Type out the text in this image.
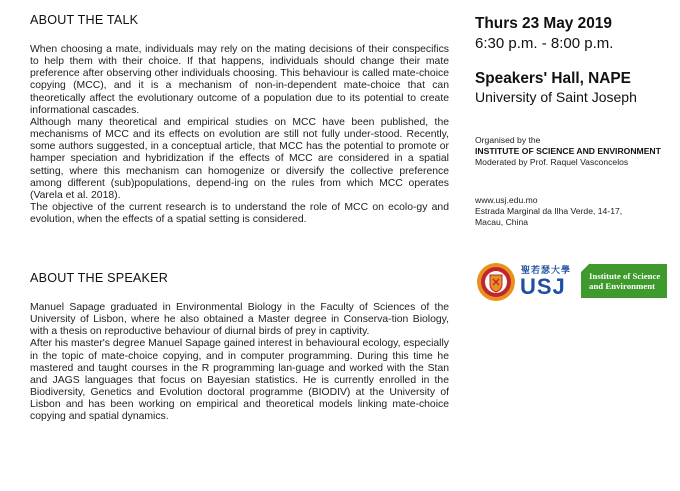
ABOUT THE TALK

When choosing a mate, individuals may rely on the mating decisions of their conspecifics to help them with their choice. If that happens, individuals should change their mate preference after observing other individuals choosing. This behaviour is called mate-choice copying (MCC), and it is a mechanism of non-in-dependent mate-choice that can theoretically affect the evolutionary outcome of a population due to its potential to create informational cascades.

Although many theoretical and empirical studies on MCC have been published, the mechanisms of MCC and its effects on evolution are still not fully under-stood. Recently, some authors suggested, in a conceptual article, that MCC has the potential to promote or hamper speciation and hybridization if the effects of MCC are considered in a spatial setting, where this mechanism can homogenize or diversify the collective preference among different (sub)populations, depend-ing on the rules from which MCC operates (Varela et al. 2018).

The objective of the current research is to understand the role of MCC on ecolo-gy and evolution, when the effects of a spatial setting is considered.

ABOUT THE SPEAKER

Manuel Sapage graduated in Environmental Biology in the Faculty of Sciences of the University of Lisbon, where he also obtained a Master degree in Conserva-tion Biology, with a thesis on reproductive behaviour of diurnal birds of prey in captivity.

After his master's degree Manuel Sapage gained interest in behavioural ecology, especially in the topic of mate-choice copying, and in computer programming. During this time he mastered and taught courses in the R programming lan-guage and worked with the Stan and JAGS languages that focus on Bayesian statistics. He is currently enrolled in the Biodiversity, Genetics and Evolution doctoral programme (BIODIV) at the University of Lisbon and has been working on empirical and theoretical models linking mate-choice copying and spatial dynamics.

Thurs 23 May 2019
6:30 p.m. - 8:00 p.m.
Speakers' Hall, NAPE
University of Saint Joseph
Organised by the
INSTITUTE OF SCIENCE AND ENVIRONMENT
Moderated by Prof. Raquel Vasconcelos
www.usj.edu.mo
Estrada Marginal da Ilha Verde, 14-17,
Macau, China
聖若瑟大學
USJ	Institute of Science and Environment
